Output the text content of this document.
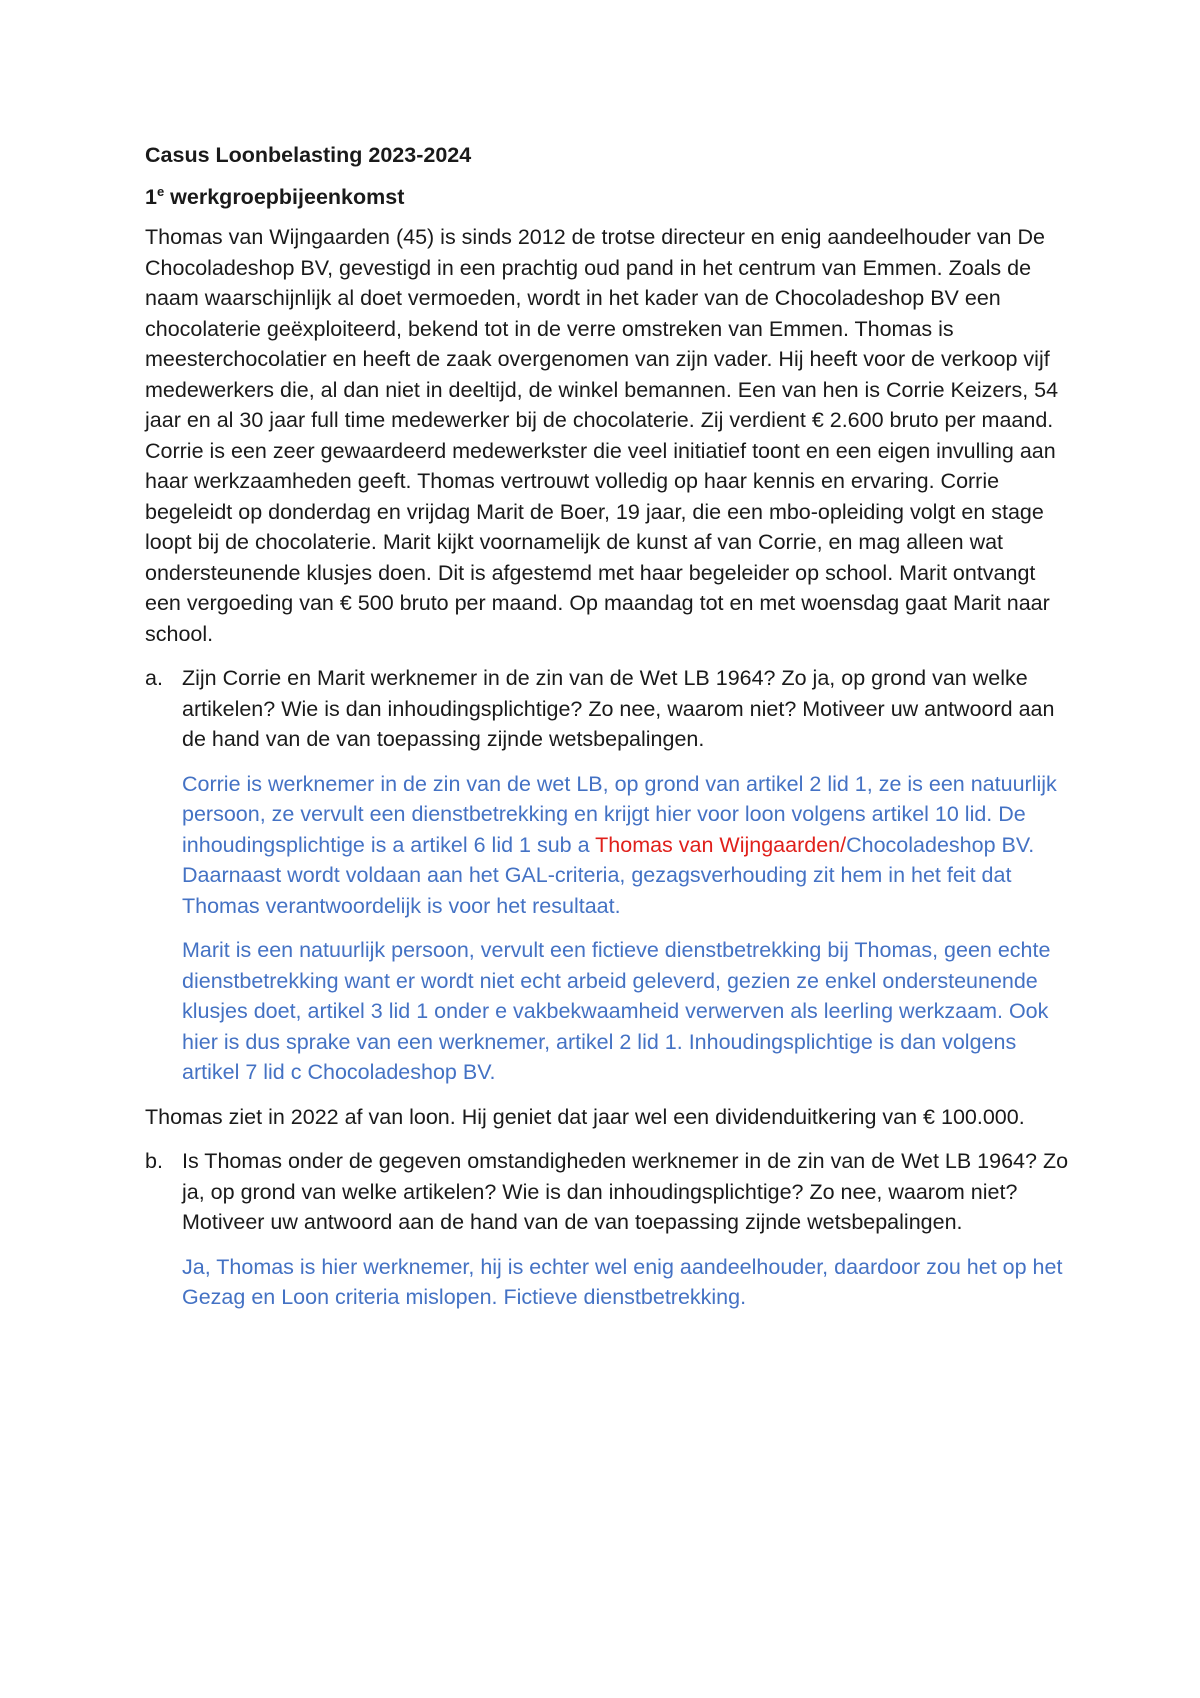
Casus Loonbelasting 2023-2024
1e werkgroepbijeenkomst

Thomas van Wijngaarden (45) is sinds 2012 de trotse directeur en enig aandeelhouder van De Chocoladeshop BV, gevestigd in een prachtig oud pand in het centrum van Emmen. Zoals de naam waarschijnlijk al doet vermoeden, wordt in het kader van de Chocoladeshop BV een chocolaterie geëxploiteerd, bekend tot in de verre omstreken van Emmen. Thomas is meesterchocolatier en heeft de zaak overgenomen van zijn vader. Hij heeft voor de verkoop vijf medewerkers die, al dan niet in deeltijd, de winkel bemannen. Een van hen is Corrie Keizers, 54 jaar en al 30 jaar full time medewerker bij de chocolaterie. Zij verdient € 2.600 bruto per maand. Corrie is een zeer gewaardeerd medewerkster die veel initiatief toont en een eigen invulling aan haar werkzaamheden geeft. Thomas vertrouwt volledig op haar kennis en ervaring. Corrie begeleidt op donderdag en vrijdag Marit de Boer, 19 jaar, die een mbo-opleiding volgt en stage loopt bij de chocolaterie. Marit kijkt voornamelijk de kunst af van Corrie, en mag alleen wat ondersteunende klusjes doen. Dit is afgestemd met haar begeleider op school. Marit ontvangt een vergoeding van € 500 bruto per maand. Op maandag tot en met woensdag gaat Marit naar school.

a. Zijn Corrie en Marit werknemer in de zin van de Wet LB 1964? Zo ja, op grond van welke artikelen? Wie is dan inhoudingsplichtige? Zo nee, waarom niet? Motiveer uw antwoord aan de hand van de van toepassing zijnde wetsbepalingen.

Corrie is werknemer in de zin van de wet LB, op grond van artikel 2 lid 1, ze is een natuurlijk persoon, ze vervult een dienstbetrekking en krijgt hier voor loon volgens artikel 10 lid. De inhoudingsplichtige is a artikel 6 lid 1 sub a Thomas van Wijngaarden/Chocoladeshop BV. Daarnaast wordt voldaan aan het GAL-criteria, gezagsverhouding zit hem in het feit dat Thomas verantwoordelijk is voor het resultaat.

Marit is een natuurlijk persoon, vervult een fictieve dienstbetrekking bij Thomas, geen echte dienstbetrekking want er wordt niet echt arbeid geleverd, gezien ze enkel ondersteunende klusjes doet, artikel 3 lid 1 onder e vakbekwaamheid verwerven als leerling werkzaam. Ook hier is dus sprake van een werknemer, artikel 2 lid 1. Inhoudingsplichtige is dan volgens artikel 7 lid c Chocoladeshop BV.

Thomas ziet in 2022 af van loon. Hij geniet dat jaar wel een dividenduitkering van € 100.000.

b. Is Thomas onder de gegeven omstandigheden werknemer in de zin van de Wet LB 1964? Zo ja, op grond van welke artikelen? Wie is dan inhoudingsplichtige? Zo nee, waarom niet? Motiveer uw antwoord aan de hand van de van toepassing zijnde wetsbepalingen.

Ja, Thomas is hier werknemer, hij is echter wel enig aandeelhouder, daardoor zou het op het Gezag en Loon criteria mislopen. Fictieve dienstbetrekking.
